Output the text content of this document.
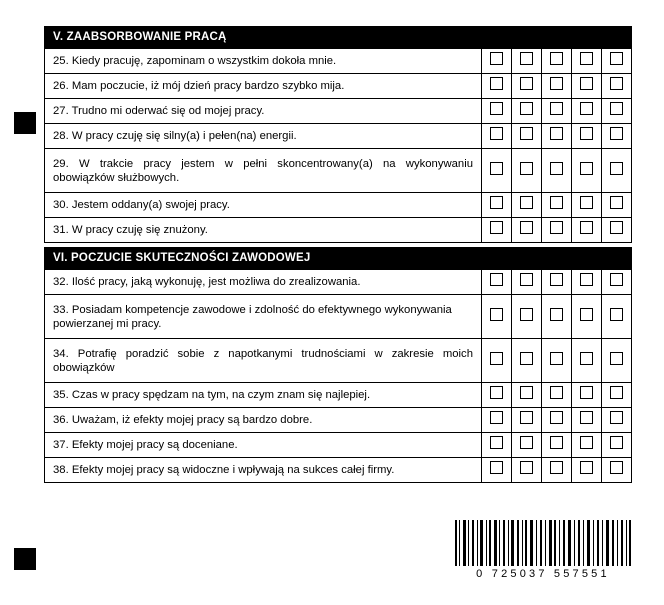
V. ZAABSORBOWANIE PRACĄ
25. Kiedy pracuję, zapominam o wszystkim dokoła mnie.					
26. Mam poczucie, iż mój dzień pracy bardzo szybko mija.					
27. Trudno mi oderwać się od mojej pracy.					
28. W pracy czuję się silny(a) i pełen(na) energii.					
29. W trakcie pracy jestem w pełni skoncentrowany(a) na wykonywaniu obowiązków służbowych.					
30. Jestem oddany(a) swojej pracy.					
31. W pracy czuję się znużony.					
VI. POCZUCIE SKUTECZNOŚCI ZAWODOWEJ
32. Ilość pracy, jaką wykonuję, jest możliwa do zrealizowania.					
33. Posiadam kompetencje zawodowe i zdolność do efektywnego wykonywania powierzanej mi pracy.					
34. Potrafię poradzić sobie z napotkanymi trudnościami w zakresie moich obowiązków					
35. Czas w pracy spędzam na tym, na czym znam się najlepiej.					
36. Uważam, iż efekty mojej pracy są bardzo dobre.					
37. Efekty mojej pracy są doceniane.					
38. Efekty mojej pracy są widoczne i wpływają na sukces całej firmy.					
0 725037 557551
